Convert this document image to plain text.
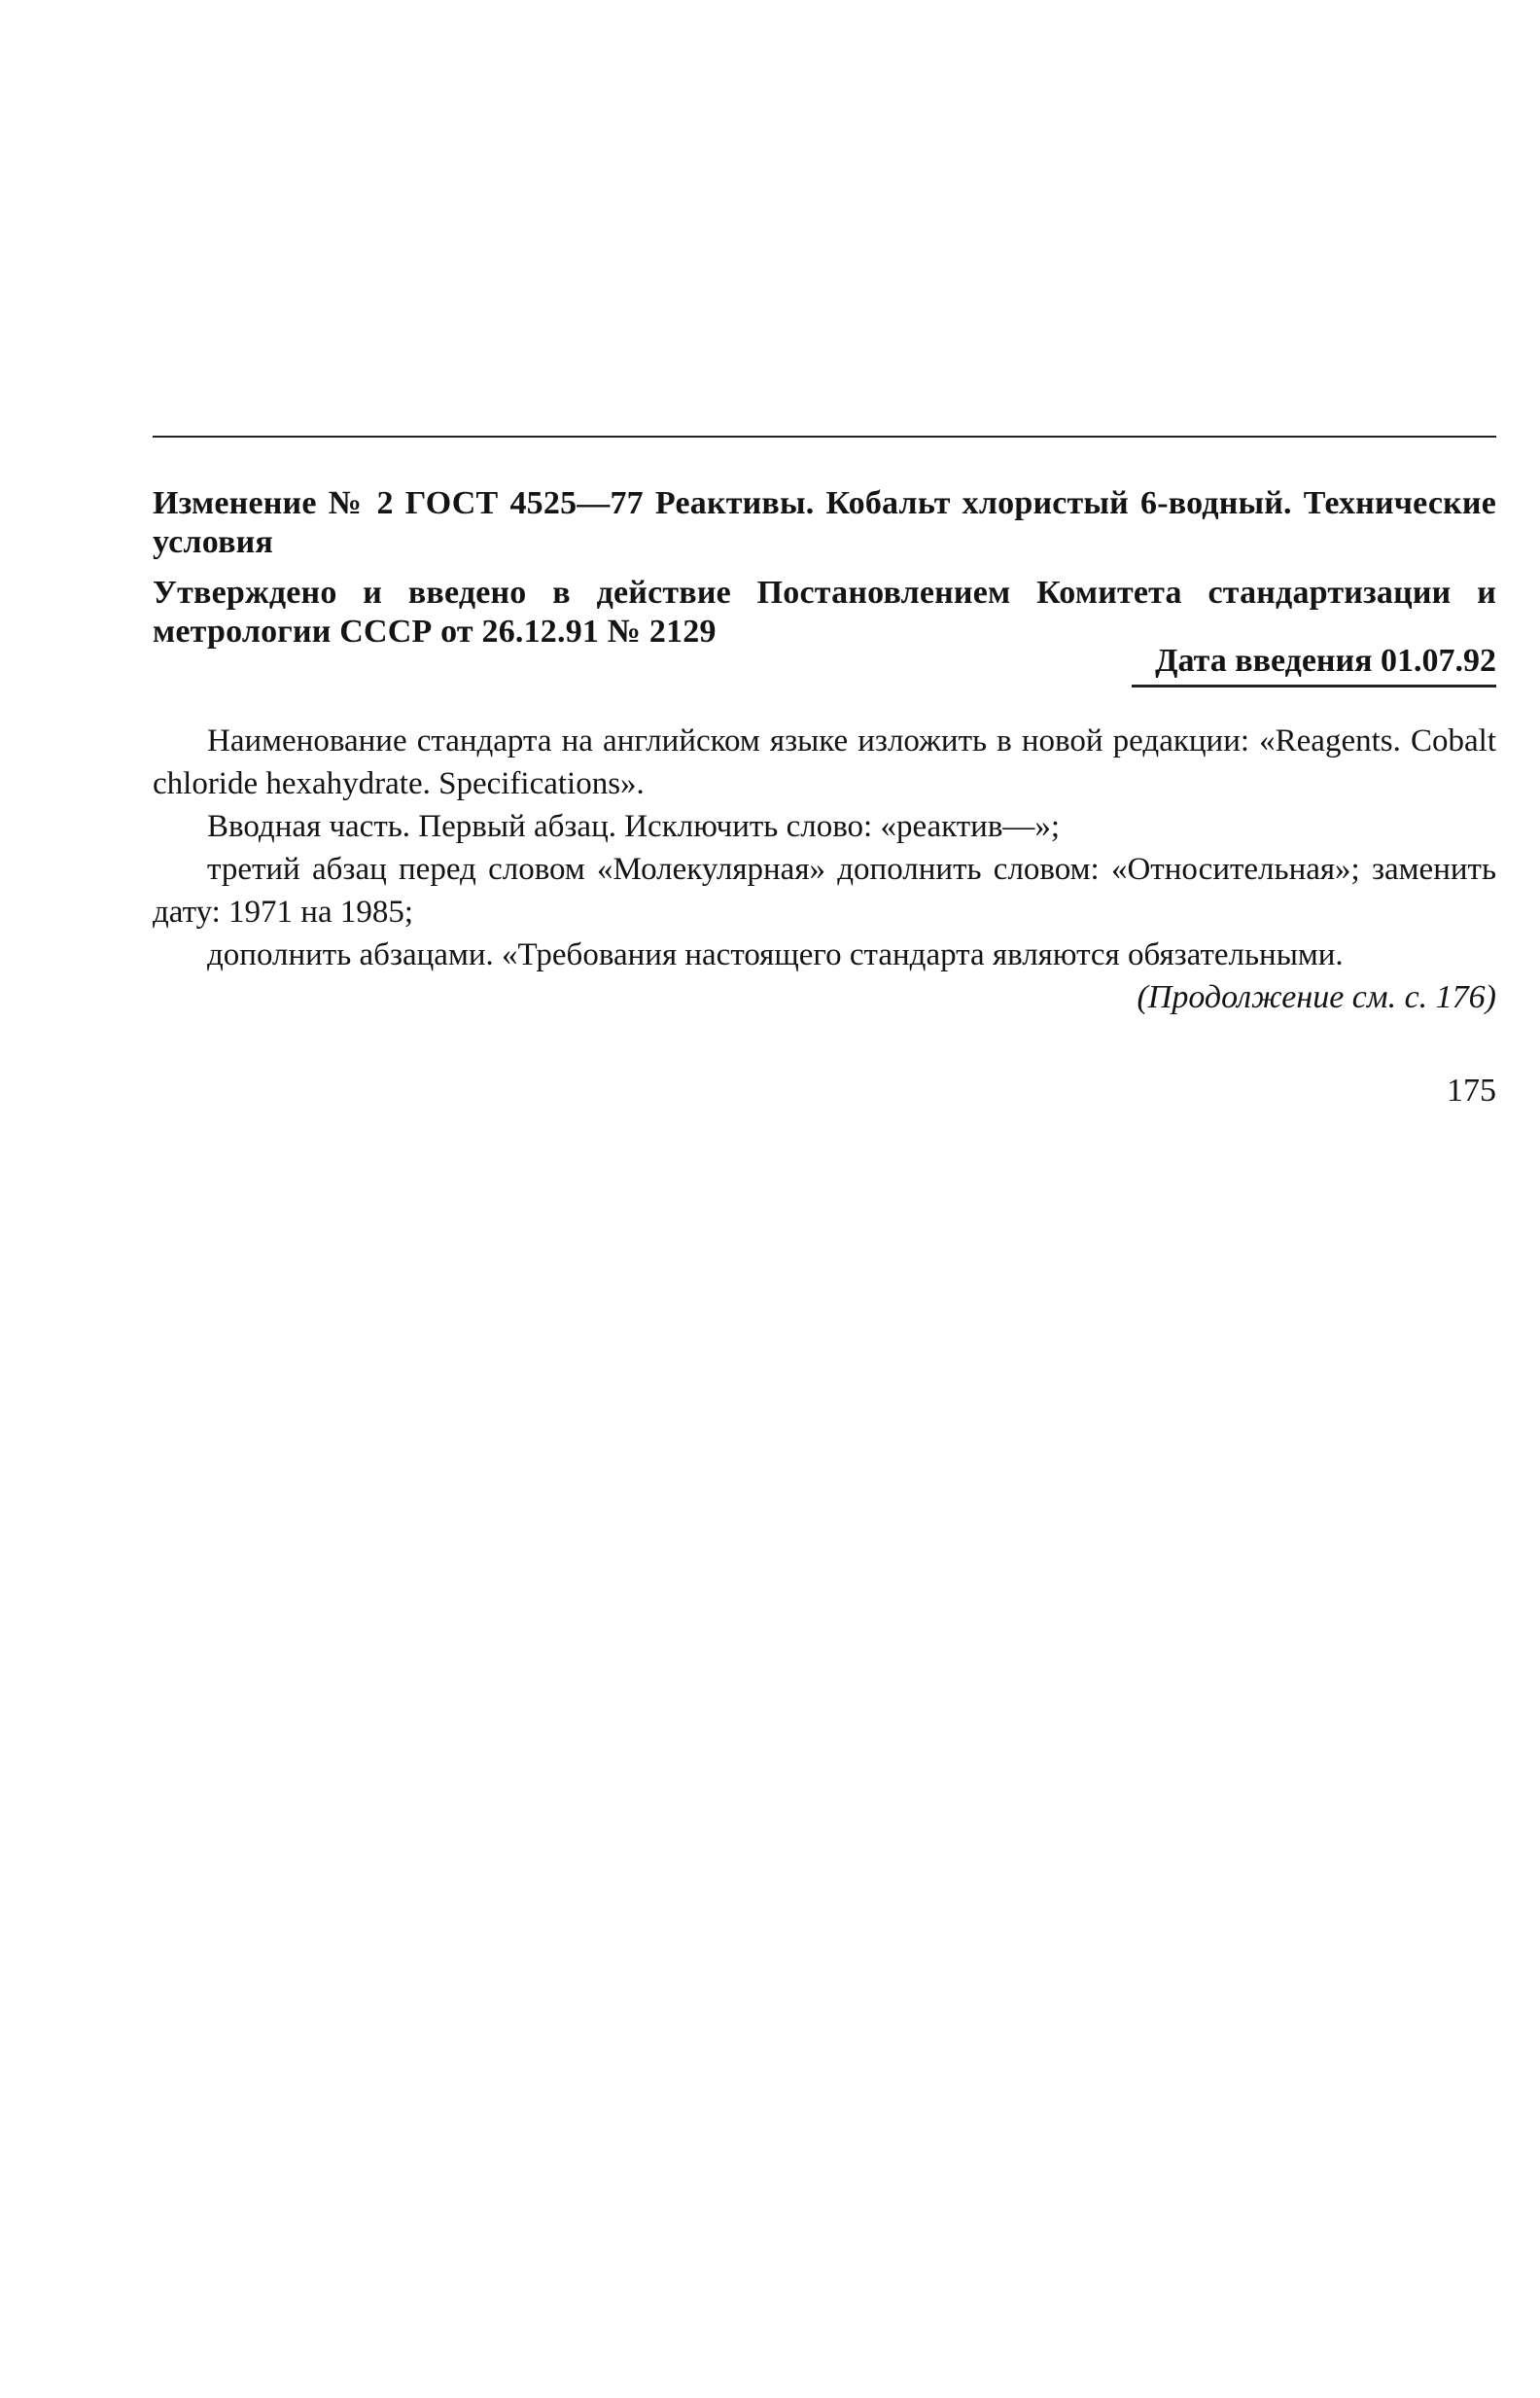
Изменение № 2 ГОСТ 4525—77 Реактивы. Кобальт хлористый 6-водный. Технические условия
Утверждено и введено в действие Постановлением Комитета стандартизации и метрологии СССР от 26.12.91 № 2129
Дата введения 01.07.92

Наименование стандарта на английском языке изложить в новой редакции: «Reagents. Cobalt chloride hexahydrate. Specifications».

Вводная часть. Первый абзац. Исключить слово: «реактив—»;

третий абзац перед словом «Молекулярная» дополнить словом: «Относительная»; заменить дату: 1971 на 1985;

дополнить абзацами. «Требования настоящего стандарта являются обязательными.

(Продолжение см. с. 176)
175
